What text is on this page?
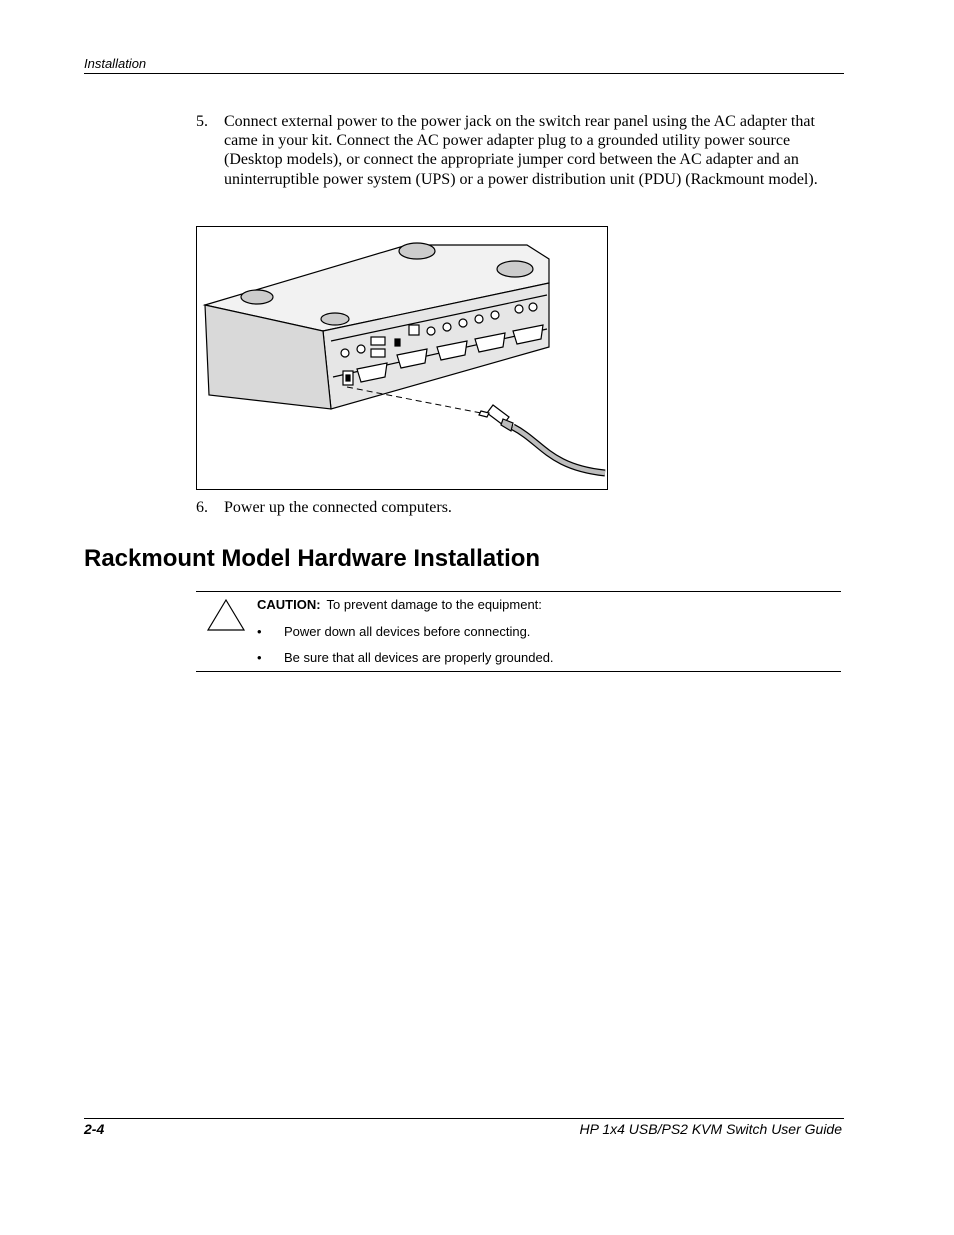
Installation
5. Connect external power to the power jack on the switch rear panel using the AC adapter that came in your kit. Connect the AC power adapter plug to a grounded utility power source (Desktop models), or connect the appropriate jumper cord between the AC adapter and an uninterruptible power system (UPS) or a power distribution unit (PDU) (Rackmount model).
6. Power up the connected computers.
Rackmount Model Hardware Installation
CAUTION: To prevent damage to the equipment:
• Power down all devices before connecting.
• Be sure that all devices are properly grounded.
2-4	HP 1x4 USB/PS2 KVM Switch User Guide
